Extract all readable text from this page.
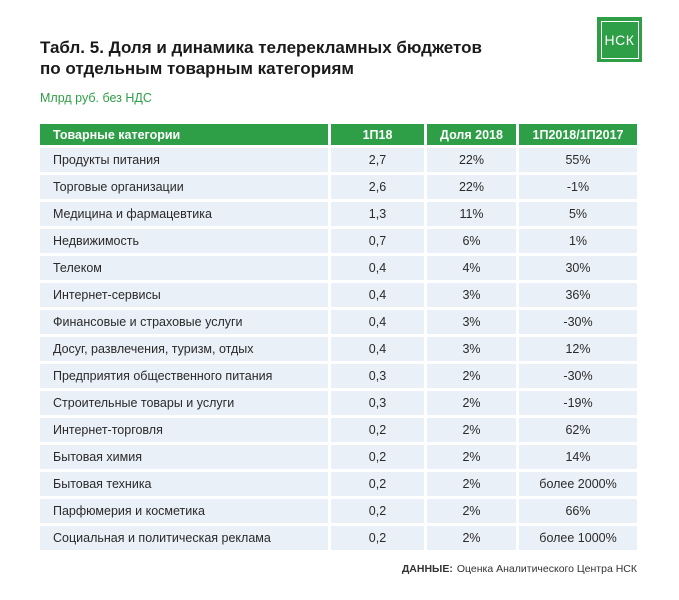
НСК
Табл. 5. Доля и динамика телерекламных бюджетов
по отдельным товарным категориям
Млрд руб. без НДС
Товарные категории	1П18	Доля 2018	1П2018/1П2017
Продукты питания	2,7	22%	55%
Торговые организации	2,6	22%	-1%
Медицина и фармацевтика	1,3	11%	5%
Недвижимость	0,7	6%	1%
Телеком	0,4	4%	30%
Интернет-сервисы	0,4	3%	36%
Финансовые и страховые услуги	0,4	3%	-30%
Досуг, развлечения, туризм, отдых	0,4	3%	12%
Предприятия общественного питания	0,3	2%	-30%
Строительные товары и услуги	0,3	2%	-19%
Интернет-торговля	0,2	2%	62%
Бытовая химия	0,2	2%	14%
Бытовая техника	0,2	2%	более 2000%
Парфюмерия и косметика	0,2	2%	66%
Социальная и политическая реклама	0,2	2%	более 1000%
ДАННЫЕ: Оценка Аналитического Центра НСК
